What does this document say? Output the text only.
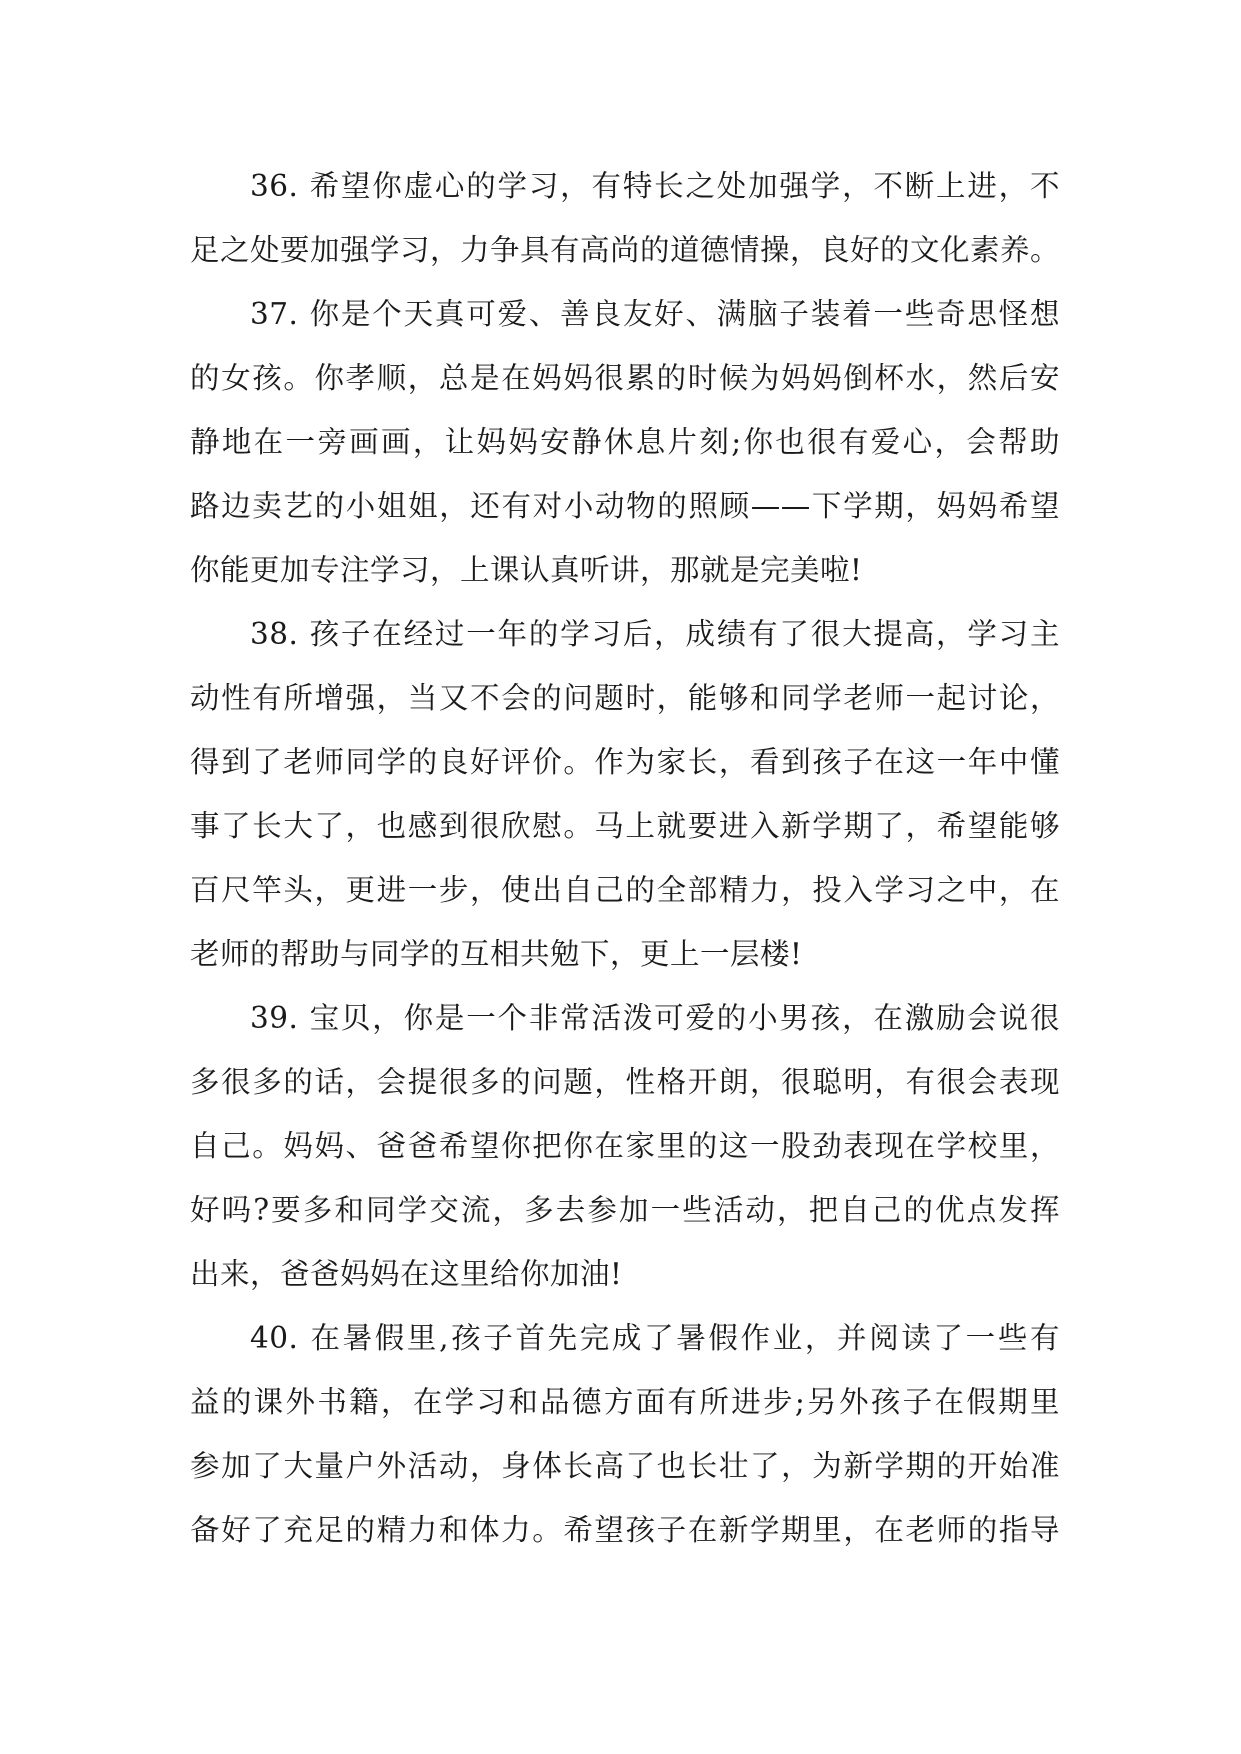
36. 希望你虚心的学习，有特长之处加强学，不断上进，不
足之处要加强学习，力争具有高尚的道德情操，良好的文化素养。
37. 你是个天真可爱、善良友好、满脑子装着一些奇思怪想
的女孩。你孝顺，总是在妈妈很累的时候为妈妈倒杯水，然后安
静地在一旁画画，让妈妈安静休息片刻;你也很有爱心，会帮助
路边卖艺的小姐姐，还有对小动物的照顾——下学期，妈妈希望
你能更加专注学习，上课认真听讲，那就是完美啦!
38. 孩子在经过一年的学习后，成绩有了很大提高，学习主
动性有所增强，当又不会的问题时，能够和同学老师一起讨论，
得到了老师同学的良好评价。作为家长，看到孩子在这一年中懂
事了长大了，也感到很欣慰。马上就要进入新学期了，希望能够
百尺竿头，更进一步，使出自己的全部精力，投入学习之中，在
老师的帮助与同学的互相共勉下，更上一层楼!
39. 宝贝，你是一个非常活泼可爱的小男孩，在激励会说很
多很多的话，会提很多的问题，性格开朗，很聪明，有很会表现
自己。妈妈、爸爸希望你把你在家里的这一股劲表现在学校里，
好吗?要多和同学交流，多去参加一些活动，把自己的优点发挥
出来，爸爸妈妈在这里给你加油!
40. 在暑假里,孩子首先完成了暑假作业，并阅读了一些有
益的课外书籍，在学习和品德方面有所进步;另外孩子在假期里
参加了大量户外活动，身体长高了也长壮了，为新学期的开始准
备好了充足的精力和体力。希望孩子在新学期里，在老师的指导
